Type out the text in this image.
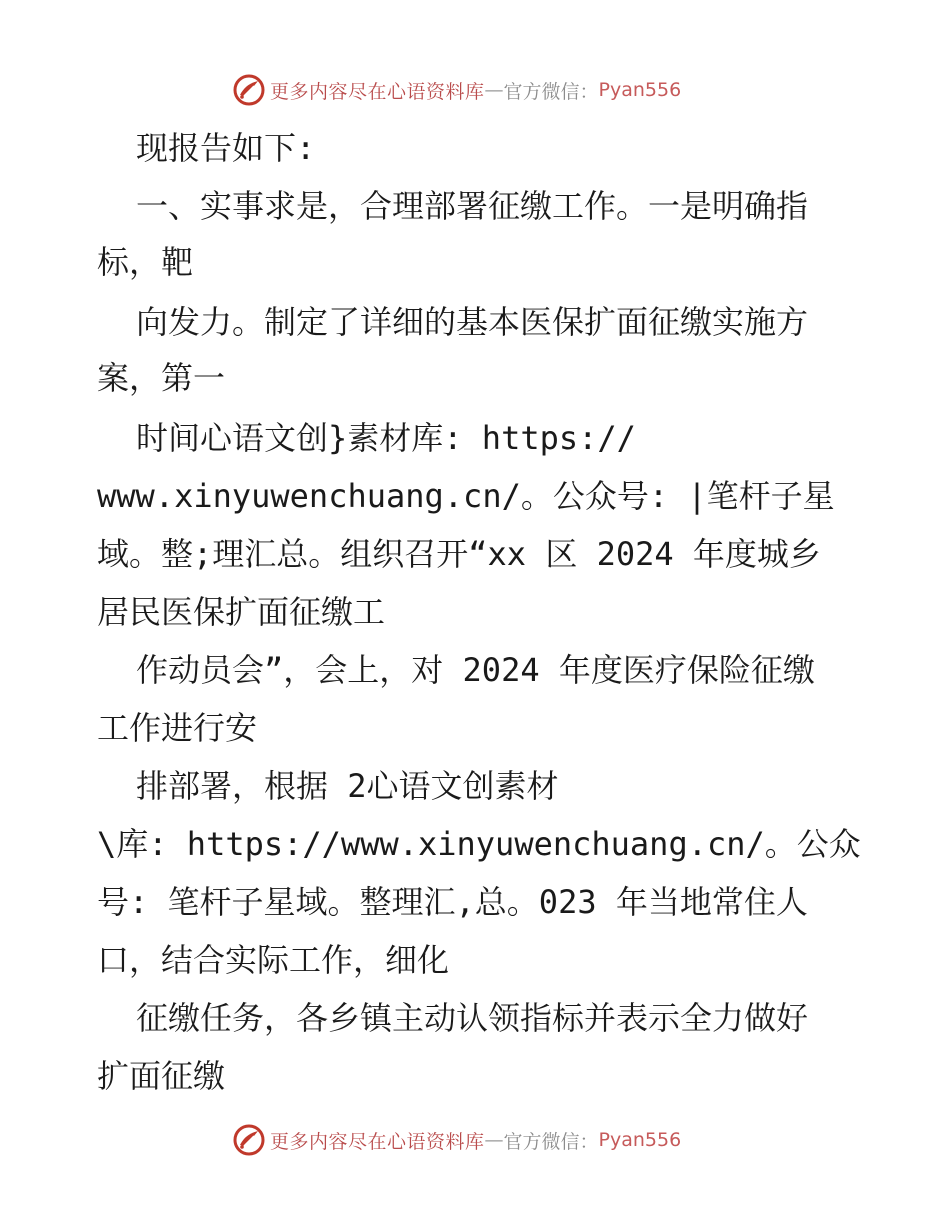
更多内容尽在心语资料库 — 官方微信： Pyan556
现报告如下:
一、实事求是，合理部署征缴工作。一是明确指
标，靶
向发力。制定了详细的基本医保扩面征缴实施方
案，第一
时间心语文创}素材库: https://
www.xinyuwenchuang.cn/。公众号: |笔杆子星
域。整;理汇总。组织召开“xx 区 2024 年度城乡
居民医保扩面征缴工
作动员会”，会上，对 2024 年度医疗保险征缴
工作进行安
排部署，根据 2心语文创素材
\库: https://www.xinyuwenchuang.cn/。公众
号: 笔杆子星域。整理汇,总。023 年当地常住人
口，结合实际工作，细化
征缴任务，各乡镇主动认领指标并表示全力做好
扩面征缴
更多内容尽在心语资料库 — 官方微信： Pyan556
